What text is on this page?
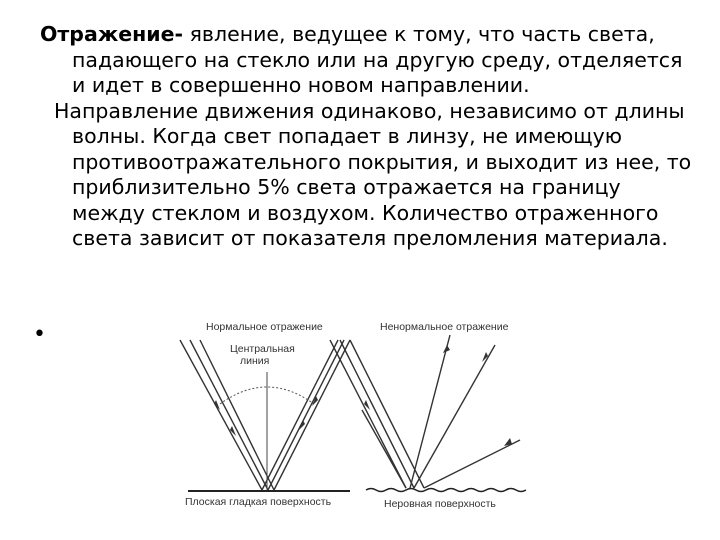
Отражение- явление, ведущее к тому, что часть света, падающего на стекло или на другую среду, отделяется и идет в совершенно новом направлении.

Направление движения одинаково, независимо от длины волны. Когда свет попадает в линзу, не имеющую противоотражательного покрытия, и выходит из нее, то приблизительно 5% света отражается на границу между стеклом и воздухом. Количество отраженного света зависит от показателя преломления материала.

•	Нормальное отражение	Ненормальное отражение
Центральная
линия
Плоская гладкая поверхность	Неровная поверхность
